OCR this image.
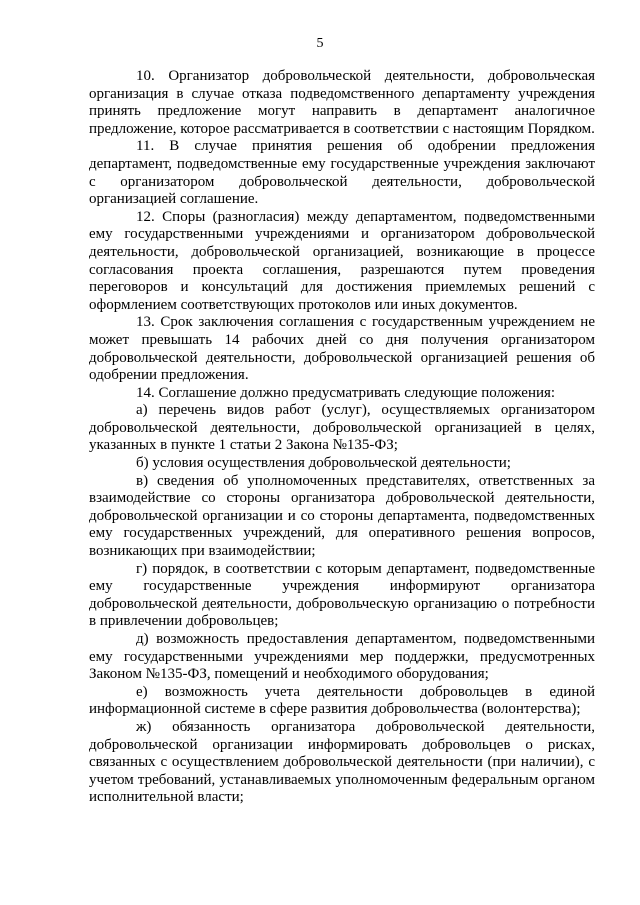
5

10. Организатор добровольческой деятельности, добровольческая организация в случае отказа подведомственного департаменту учреждения принять предложение могут направить в департамент аналогичное предложение, которое рассматривается в соответствии с настоящим Порядком.

11. В случае принятия решения об одобрении предложения департамент, подведомственные ему государственные учреждения заключают с организатором добровольческой деятельности, добровольческой организацией соглашение.

12. Споры (разногласия) между департаментом, подведомственными ему государственными учреждениями и организатором добровольческой деятельности, добровольческой организацией, возникающие в процессе согласования проекта соглашения, разрешаются путем проведения переговоров и консультаций для достижения приемлемых решений с оформлением соответствующих протоколов или иных документов.

13. Срок заключения соглашения с государственным учреждением не может превышать 14 рабочих дней со дня получения организатором добровольческой деятельности, добровольческой организацией решения об одобрении предложения.

14. Соглашение должно предусматривать следующие положения:

а) перечень видов работ (услуг), осуществляемых организатором добровольческой деятельности, добровольческой организацией в целях, указанных в пункте 1 статьи 2 Закона №135-ФЗ;

б) условия осуществления добровольческой деятельности;

в) сведения об уполномоченных представителях, ответственных за взаимодействие со стороны организатора добровольческой деятельности, добровольческой организации и со стороны департамента, подведомственных ему государственных учреждений, для оперативного решения вопросов, возникающих при взаимодействии;

г) порядок, в соответствии с которым департамент, подведомственные ему государственные учреждения информируют организатора добровольческой деятельности, добровольческую организацию о потребности в привлечении добровольцев;

д) возможность предоставления департаментом, подведомственными ему государственными учреждениями мер поддержки, предусмотренных Законом №135-ФЗ, помещений и необходимого оборудования;

е) возможность учета деятельности добровольцев в единой информационной системе в сфере развития добровольчества (волонтерства);

ж) обязанность организатора добровольческой деятельности, добровольческой организации информировать добровольцев о рисках, связанных с осуществлением добровольческой деятельности (при наличии), с учетом требований, устанавливаемых уполномоченным федеральным органом исполнительной власти;
